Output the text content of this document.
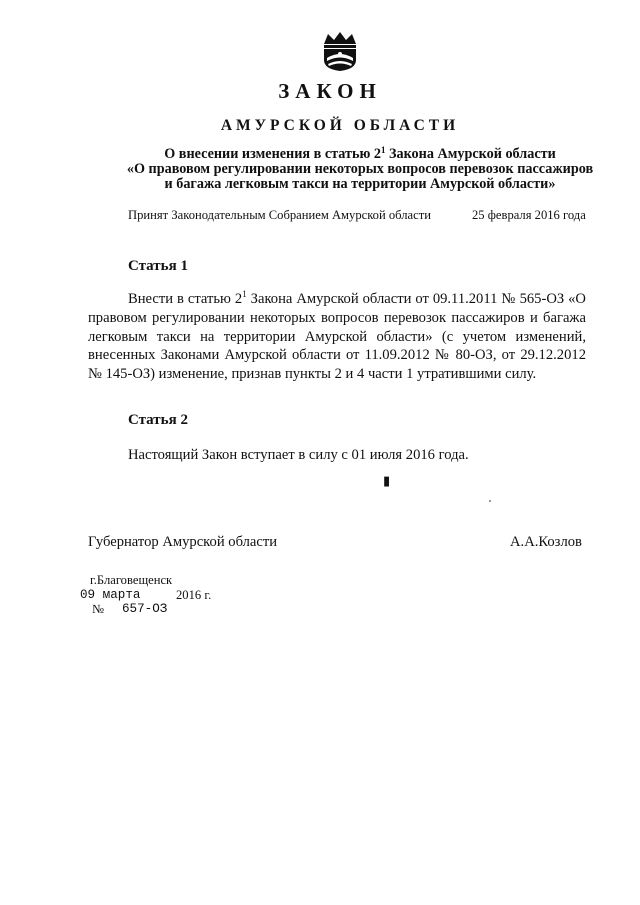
ЗАКОН
АМУРСКОЙ ОБЛАСТИ
О внесении изменения в статью $2^1$ Закона Амурской области
«О правовом регулировании некоторых вопросов перевозок пассажиров
и багажа легковым такси на территории Амурской области»
Принят Законодательным Собранием Амурской области	25 февраля 2016 года
Статья 1
Внести в статью $2^1$ Закона Амурской области от 09.11.2011 № 565-ОЗ «О правовом регулировании некоторых вопросов перевозок пассажиров и багажа легковым такси на территории Амурской области» (с учетом изменений, внесенных Законами Амурской области от 11.09.2012 № 80-ОЗ, от 29.12.2012 № 145-ОЗ) изменение, признав пункты 2 и 4 части 1 утратившими силу.
Статья 2
Настоящий Закон вступает в силу с 01 июля 2016 года.
▮
Губернатор Амурской области	А.А.Козлов
г.Благовещенск
09 марта	2016 г.
№ 657-ОЗ
